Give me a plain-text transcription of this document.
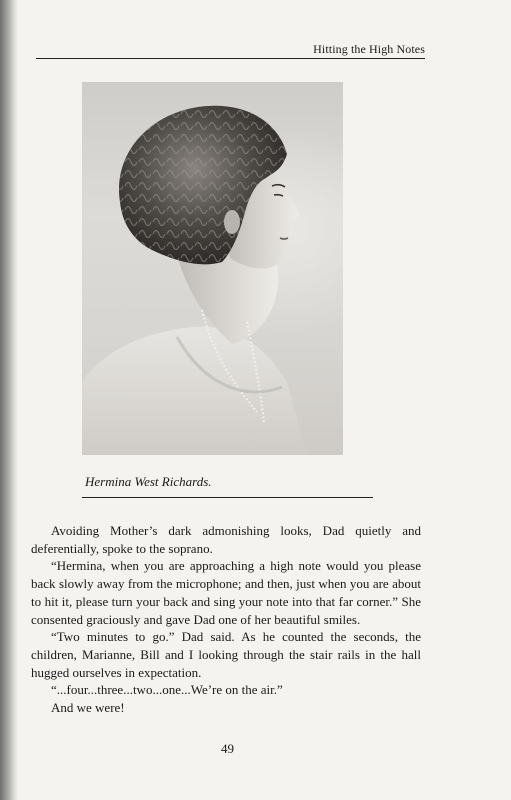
Hitting the High Notes
Hermina West Richards.

Avoiding Mother’s dark admonishing looks, Dad quietly and deferentially, spoke to the soprano.

“Hermina, when you are approaching a high note would you please back slowly away from the microphone; and then, just when you are about to hit it, please turn your back and sing your note into that far corner.” She consented graciously and gave Dad one of her beautiful smiles.

“Two minutes to go.” Dad said. As he counted the seconds, the children, Marianne, Bill and I looking through the stair rails in the hall hugged ourselves in expectation.

“...four...three...two...one...We’re on the air.”

And we were!

49
